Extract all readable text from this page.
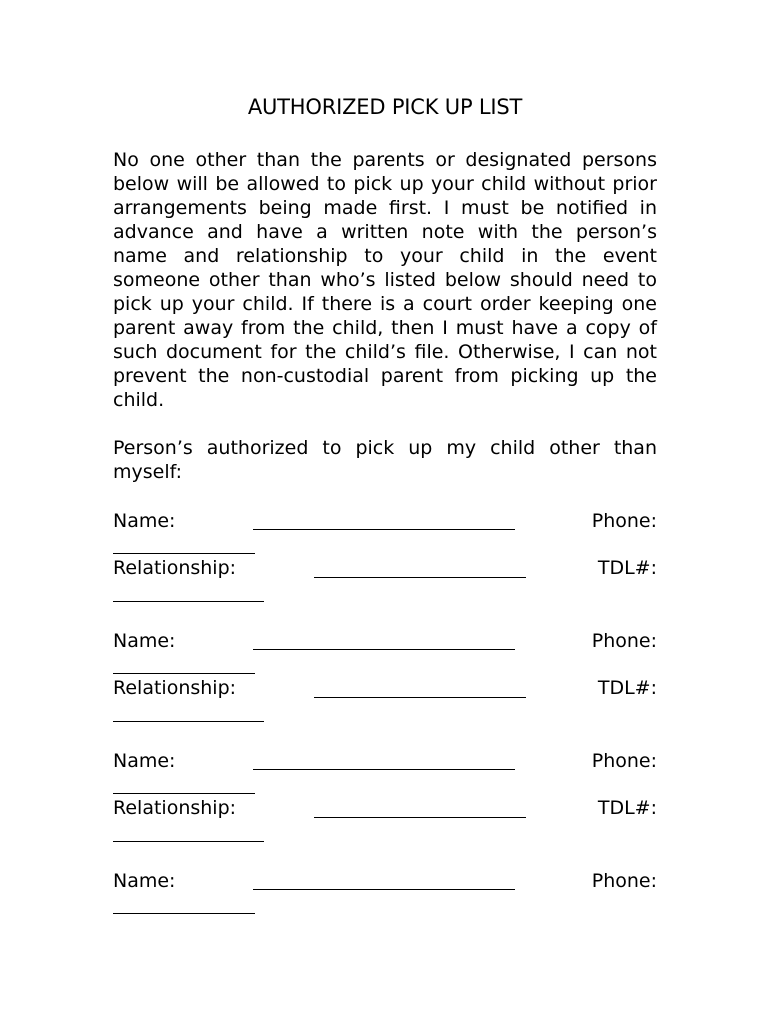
AUTHORIZED PICK UP LIST
No one other than the parents or designated persons below will be allowed to pick up your child without prior arrangements being made first. I must be notified in advance and have a written note with the person’s name and relationship to your child in the event someone other than who’s listed below should need to pick up your child. If there is a court order keeping one parent away from the child, then I must have a copy of such document for the child’s file. Otherwise, I can not prevent the non-custodial parent from picking up the child.
Person’s authorized to pick up my child other than myself:
Name:	Phone:
Relationship:	TDL#:
Name:	Phone:
Relationship:	TDL#:
Name:	Phone:
Relationship:	TDL#:
Name:	Phone:
